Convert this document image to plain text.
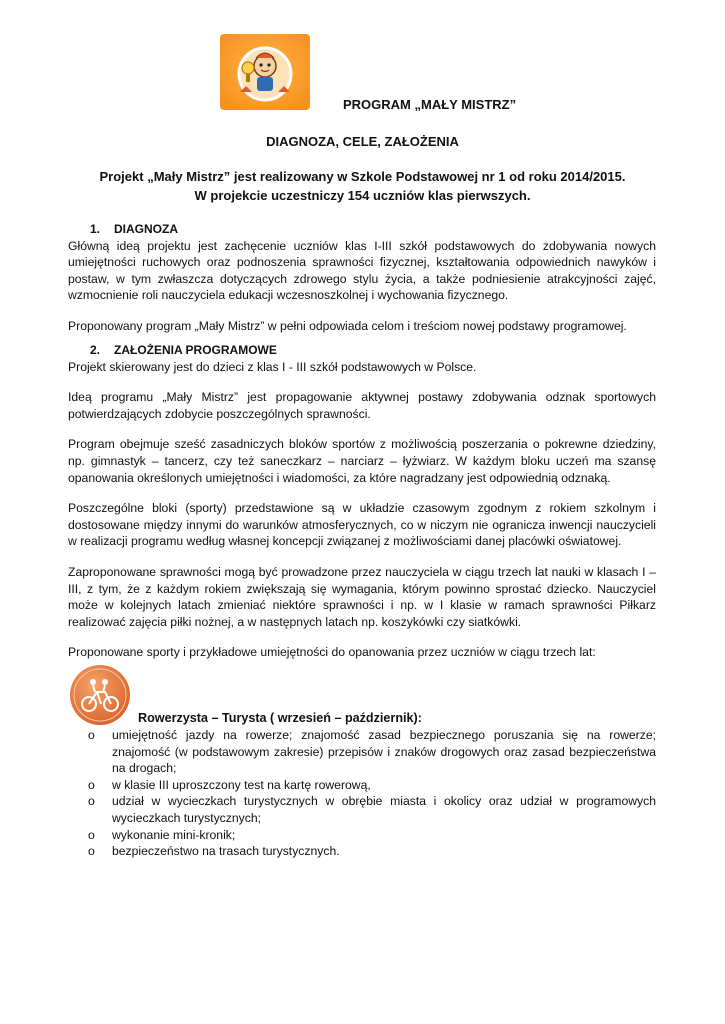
PROGRAM „MAŁY MISTRZ”
DIAGNOZA, CELE, ZAŁOŻENIA
Projekt „Mały Mistrz” jest realizowany w Szkole Podstawowej nr 1 od roku 2014/2015.
W projekcie uczestniczy 154 uczniów klas pierwszych.
1. DIAGNOZA

Główną ideą projektu jest zachęcenie uczniów klas I-III szkół podstawowych do zdobywania nowych umiejętności ruchowych oraz podnoszenia sprawności fizycznej, kształtowania odpowiednich nawyków i postaw, w tym zwłaszcza dotyczących zdrowego stylu życia, a także podniesienie atrakcyjności zajęć, wzmocnienie roli nauczyciela edukacji wczesnoszkolnej i wychowania fizycznego.

Proponowany program „Mały Mistrz” w pełni odpowiada celom i treściom nowej podstawy programowej.

2. ZAŁOŻENIA PROGRAMOWE

Projekt skierowany jest do dzieci z klas I - III szkół podstawowych w Polsce.

Ideą programu „Mały Mistrz” jest propagowanie aktywnej postawy zdobywania odznak sportowych potwierdzających zdobycie poszczególnych sprawności.

Program obejmuje sześć zasadniczych bloków sportów z możliwością poszerzania o pokrewne dziedziny, np. gimnastyk – tancerz, czy też saneczkarz – narciarz – łyżwiarz. W każdym bloku uczeń ma szansę opanowania określonych umiejętności i wiadomości, za które nagradzany jest odpowiednią odznaką.

Poszczególne bloki (sporty) przedstawione są w układzie czasowym zgodnym z rokiem szkolnym i dostosowane między innymi do warunków atmosferycznych, co w niczym nie ogranicza inwencji nauczycieli w realizacji programu według własnej koncepcji związanej z możliwościami danej placówki oświatowej.

Zaproponowane sprawności mogą być prowadzone przez nauczyciela w ciągu trzech lat nauki w klasach I – III, z tym, że z każdym rokiem zwiększają się wymagania, którym powinno sprostać dziecko. Nauczyciel może w kolejnych latach zmieniać niektóre sprawności i np. w I klasie w ramach sprawności Piłkarz realizować zajęcia piłki nożnej, a w następnych latach np. koszykówki czy siatkówki.

Proponowane sporty i przykładowe umiejętności do opanowania przez uczniów w ciągu trzech lat:

Rowerzysta – Turysta ( wrzesień – październik):
o umiejętność jazdy na rowerze; znajomość zasad bezpiecznego poruszania się na rowerze; znajomość (w podstawowym zakresie) przepisów i znaków drogowych oraz zasad bezpieczeństwa na drogach;
o w klasie III uproszczony test na kartę rowerową,
o udział w wycieczkach turystycznych w obrębie miasta i okolicy oraz udział w programowych wycieczkach turystycznych;
o wykonanie mini-kronik;
o bezpieczeństwo na trasach turystycznych.
